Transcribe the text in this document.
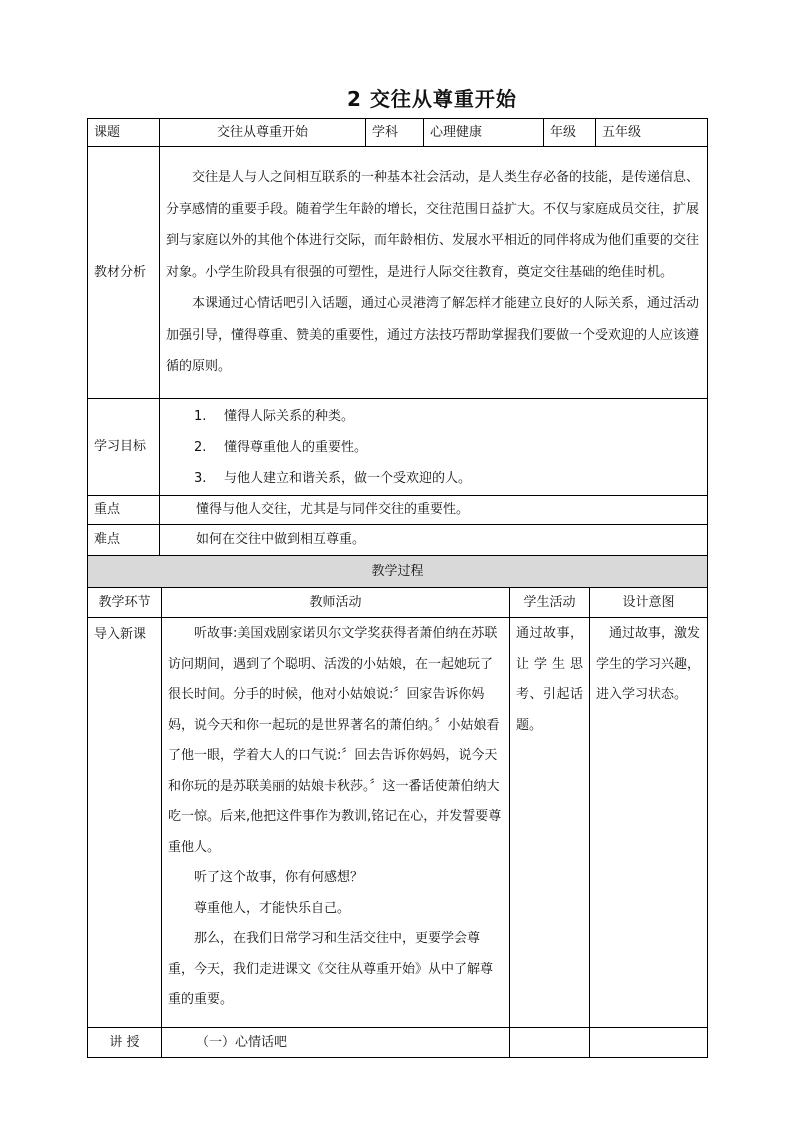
2 交往从尊重开始
课题	交往从尊重开始	学科	心理健康	年级	五年级
教材分析	交往是人与人之间相互联系的一种基本社会活动，是人类生存必备的技能，是传递信息、分享感情的重要手段。随着学生年龄的增长，交往范围日益扩大。不仅与家庭成员交往，扩展到与家庭以外的其他个体进行交际，而年龄相仿、发展水平相近的同伴将成为他们重要的交往对象。小学生阶段具有很强的可塑性，是进行人际交往教育，奠定交往基础的绝佳时机。

本课通过心情话吧引入话题，通过心灵港湾了解怎样才能建立良好的人际关系，通过活动加强引导，懂得尊重、赞美的重要性，通过方法技巧帮助掌握我们要做一个受欢迎的人应该遵循的原则。				

学习目标	1. 懂得人际关系的种类。

2. 懂得尊重他人的重要性。

3. 与他人建立和谐关系，做一个受欢迎的人。				

重点	懂得与他人交往，尤其是与同伴交往的重要性。				
难点	如何在交往中做到相互尊重。				
教学过程			
教学环节	教师活动	学生活动	设计意图
导入新课	听故事:美国戏剧家诺贝尔文学奖获得者萧伯纳在苏联访问期间，遇到了个聪明、活泼的小姑娘，在一起她玩了很长时间。分手的时候，他对小姑娘说:〞回家告诉你妈妈，说今天和你一起玩的是世界著名的萧伯纳。〞小姑娘看了他一眼，学着大人的口气说:〞回去告诉你妈妈，说今天和你玩的是苏联美丽的姑娘卡秋莎。〞这一番话使萧伯纳大吃一惊。后来,他把这件事作为教训,铭记在心，并发誓要尊重他人。

听了这个故事，你有何感想？

尊重他人，才能快乐自己。

那么，在我们日常学习和生活交往中，更要学会尊重，今天，我们走进课文《交往从尊重开始》从中了解尊重的重要。	通过故事，让学生思考、引起话题。	通过故事，激发学生的学习兴趣，进入学习状态。

讲 授	（一）心情话吧		
